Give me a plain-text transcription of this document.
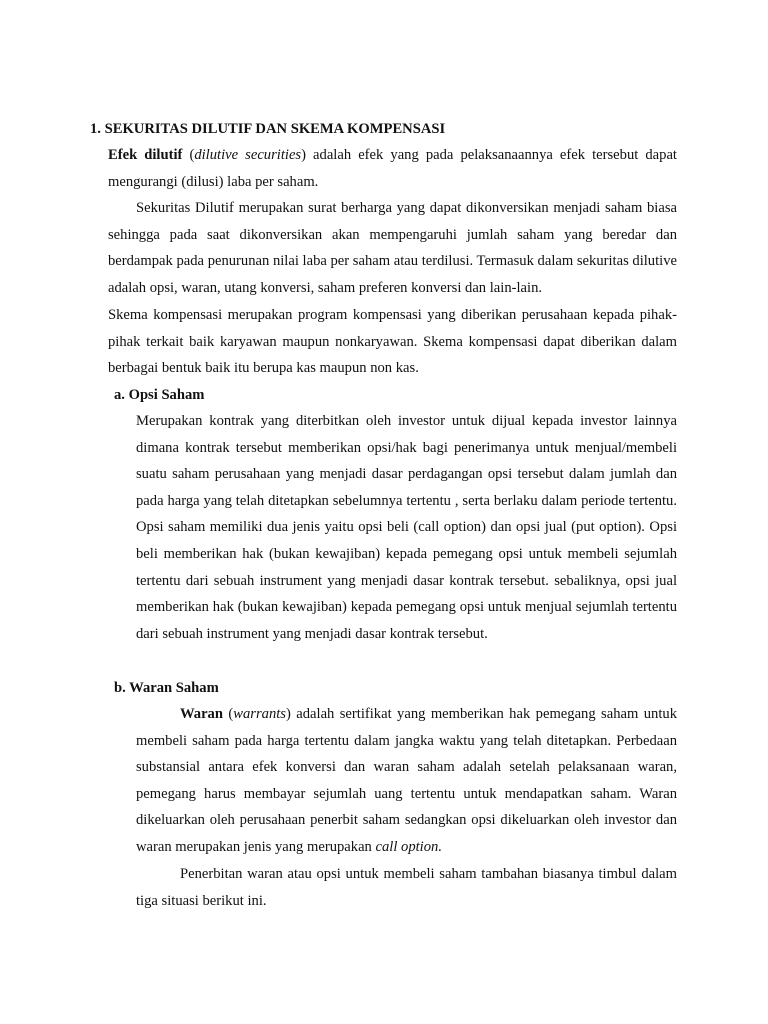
1. SEKURITAS DILUTIF DAN SKEMA KOMPENSASI

Efek dilutif (dilutive securities) adalah efek yang pada pelaksanaannya efek tersebut dapat mengurangi (dilusi) laba per saham.

Sekuritas Dilutif merupakan surat berharga yang dapat dikonversikan menjadi saham biasa sehingga pada saat dikonversikan akan mempengaruhi jumlah saham yang beredar dan berdampak pada penurunan nilai laba per saham atau terdilusi. Termasuk dalam sekuritas dilutive adalah opsi, waran, utang konversi, saham preferen konversi dan lain-lain.

Skema kompensasi merupakan program kompensasi yang diberikan perusahaan kepada pihak-pihak terkait baik karyawan maupun nonkaryawan. Skema kompensasi dapat diberikan dalam berbagai bentuk baik itu berupa kas maupun non kas.

a. Opsi Saham

Merupakan kontrak yang diterbitkan oleh investor untuk dijual kepada investor lainnya dimana kontrak tersebut memberikan opsi/hak bagi penerimanya untuk menjual/membeli suatu saham perusahaan yang menjadi dasar perdagangan opsi tersebut dalam jumlah dan pada harga yang telah ditetapkan sebelumnya tertentu , serta berlaku dalam periode tertentu. Opsi saham memiliki dua jenis yaitu opsi beli (call option) dan opsi jual (put option). Opsi beli memberikan hak (bukan kewajiban) kepada pemegang opsi untuk membeli sejumlah tertentu dari sebuah instrument yang menjadi dasar kontrak tersebut. sebaliknya, opsi jual memberikan hak (bukan kewajiban) kepada pemegang opsi untuk menjual sejumlah tertentu dari sebuah instrument yang menjadi dasar kontrak tersebut.

b. Waran Saham

Waran (warrants) adalah sertifikat yang memberikan hak pemegang saham untuk membeli saham pada harga tertentu dalam jangka waktu yang telah ditetapkan. Perbedaan substansial antara efek konversi dan waran saham adalah setelah pelaksanaan waran, pemegang harus membayar sejumlah uang tertentu untuk mendapatkan saham. Waran dikeluarkan oleh perusahaan penerbit saham sedangkan opsi dikeluarkan oleh investor dan waran merupakan jenis yang merupakan call option.

Penerbitan waran atau opsi untuk membeli saham tambahan biasanya timbul dalam tiga situasi berikut ini.
